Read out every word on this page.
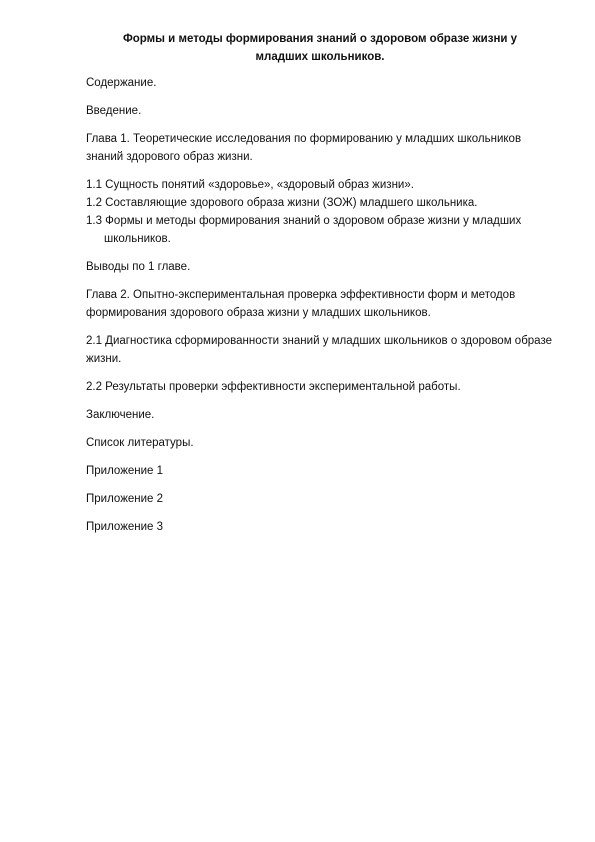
Формы и методы формирования знаний о здоровом образе жизни у младших школьников.

Содержание.

Введение.

Глава 1. Теоретические исследования по формированию у младших школьников знаний здорового образ жизни.

1.1 Сущность понятий «здоровье», «здоровый образ жизни».
1.2 Составляющие здорового образа жизни (ЗОЖ) младшего школьника.
1.3 Формы и методы формирования знаний о здоровом образе жизни у младших школьников.

Выводы по 1 главе.

Глава 2. Опытно-экспериментальная проверка эффективности форм и методов формирования здорового образа жизни у младших школьников.

2.1 Диагностика сформированности знаний у младших школьников о здоровом образе жизни.

2.2 Результаты проверки эффективности экспериментальной работы.

Заключение.

Список литературы.

Приложение 1

Приложение 2

Приложение 3
